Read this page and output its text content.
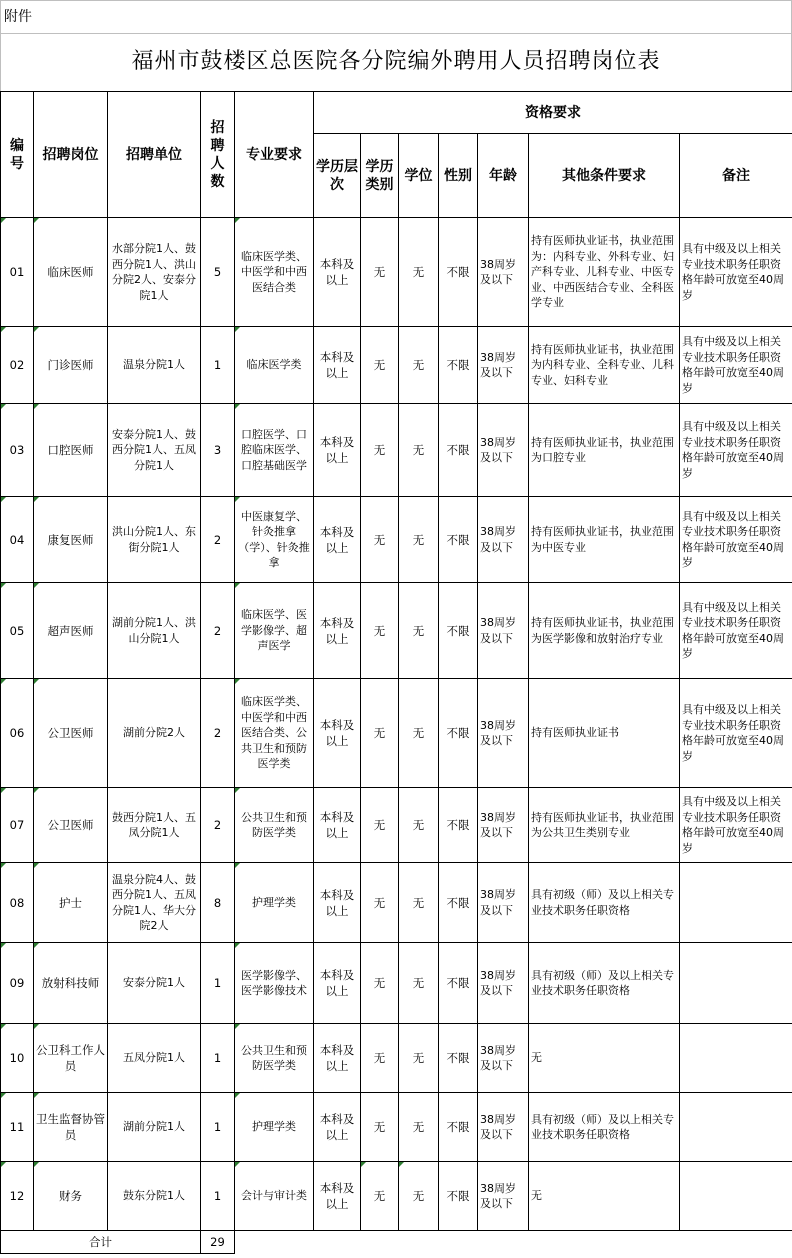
附件
福州市鼓楼区总医院各分院编外聘用人员招聘岗位表
编号	招聘岗位	招聘单位	招聘人数	专业要求	资格要求						
					学历层次	学历类别	学位	性别	年龄	其他条件要求	备注
01	临床医师	水部分院1人、鼓西分院1人、洪山分院2人、安泰分院1人	5	临床医学类、中医学和中西医结合类	本科及以上	无	无	不限	38周岁及以下	持有医师执业证书，执业范围为：内科专业、外科专业、妇产科专业、儿科专业、中医专业、中西医结合专业、全科医学专业	具有中级及以上相关专业技术职务任职资格年龄可放宽至40周岁
02	门诊医师	温泉分院1人	1	临床医学类	本科及以上	无	无	不限	38周岁及以下	持有医师执业证书，执业范围为内科专业、全科专业、儿科专业、妇科专业	具有中级及以上相关专业技术职务任职资格年龄可放宽至40周岁
03	口腔医师	安泰分院1人、鼓西分院1人、五凤分院1人	3	口腔医学、口腔临床医学、口腔基础医学	本科及以上	无	无	不限	38周岁及以下	持有医师执业证书，执业范围为口腔专业	具有中级及以上相关专业技术职务任职资格年龄可放宽至40周岁
04	康复医师	洪山分院1人、东街分院1人	2	中医康复学、针灸推拿（学）、针灸推拿	本科及以上	无	无	不限	38周岁及以下	持有医师执业证书，执业范围为中医专业	具有中级及以上相关专业技术职务任职资格年龄可放宽至40周岁
05	超声医师	湖前分院1人、洪山分院1人	2	临床医学、医学影像学、超声医学	本科及以上	无	无	不限	38周岁及以下	持有医师执业证书，执业范围为医学影像和放射治疗专业	具有中级及以上相关专业技术职务任职资格年龄可放宽至40周岁
06	公卫医师	湖前分院2人	2	临床医学类、中医学和中西医结合类、公共卫生和预防医学类	本科及以上	无	无	不限	38周岁及以下	持有医师执业证书	具有中级及以上相关专业技术职务任职资格年龄可放宽至40周岁
07	公卫医师	鼓西分院1人、五凤分院1人	2	公共卫生和预防医学类	本科及以上	无	无	不限	38周岁及以下	持有医师执业证书，执业范围为公共卫生类别专业	具有中级及以上相关专业技术职务任职资格年龄可放宽至40周岁
08	护士	温泉分院4人、鼓西分院1人、五凤分院1人、华大分院2人	8	护理学类	本科及以上	无	无	不限	38周岁及以下	具有初级（师）及以上相关专业技术职务任职资格	
09	放射科技师	安泰分院1人	1	医学影像学、医学影像技术	本科及以上	无	无	不限	38周岁及以下	具有初级（师）及以上相关专业技术职务任职资格	
10	公卫科工作人员	五凤分院1人	1	公共卫生和预防医学类	本科及以上	无	无	不限	38周岁及以下	无	
11	卫生监督协管员	湖前分院1人	1	护理学类	本科及以上	无	无	不限	38周岁及以下	具有初级（师）及以上相关专业技术职务任职资格	
12	财务	鼓东分院1人	1	会计与审计类	本科及以上	无	无	不限	38周岁及以下	无	
合计			29								
